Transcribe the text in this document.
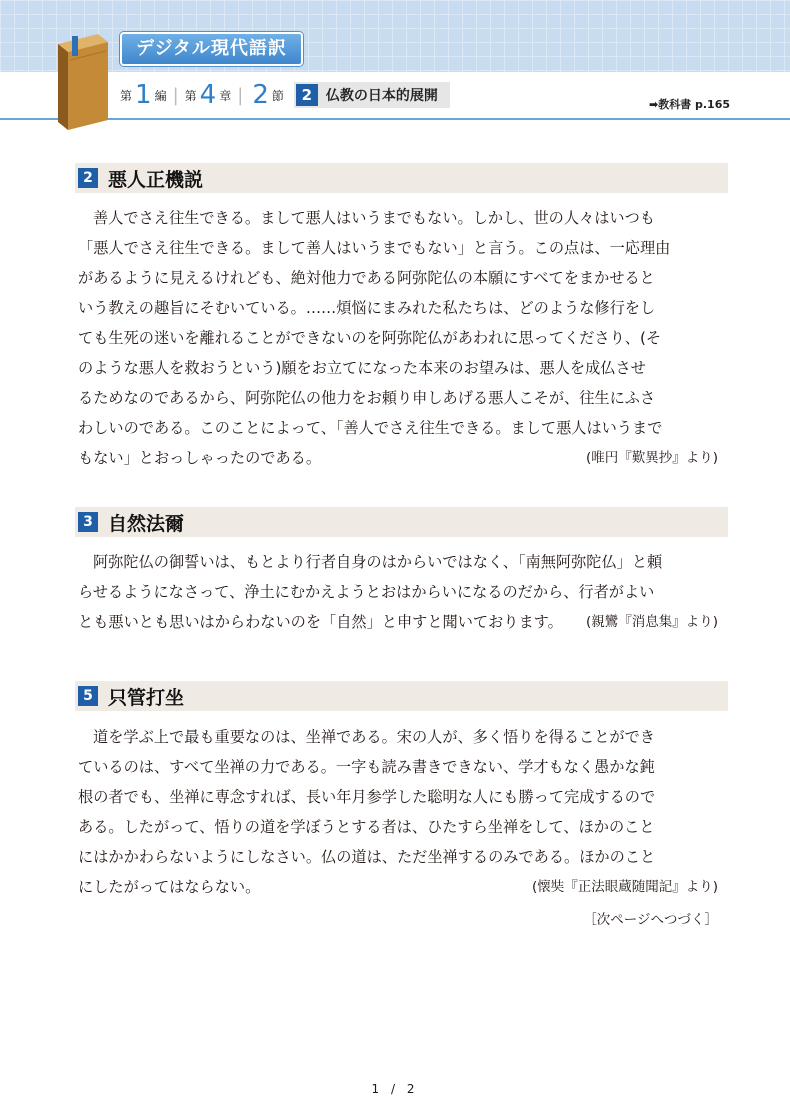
デジタル現代語訳
第 1 編 | 第 4 章 | 2 節	2 仏教の日本的展開
➡教科書 p.165
2 悪人正機説
善人でさえ往生できる。まして悪人はいうまでもない。しかし、世の人々はいつも
「悪人でさえ往生できる。まして善人はいうまでもない」と言う。この点は、一応理由
があるように見えるけれども、絶対他力である阿弥陀仏の本願にすべてをまかせると
いう教えの趣旨にそむいている。……煩悩にまみれた私たちは、どのような修行をし
ても生死の迷いを離れることができないのを阿弥陀仏があわれに思ってくださり、(そ
のような悪人を救おうという)願をお立てになった本来のお望みは、悪人を成仏させ
るためなのであるから、阿弥陀仏の他力をお頼り申しあげる悪人こそが、往生にふさ
わしいのである。このことによって、「善人でさえ往生できる。まして悪人はいうまで
もない」とおっしゃったのである。	(唯円『歎異抄』より)
3 自然法爾
阿弥陀仏の御誓いは、もとより行者自身のはからいではなく、「南無阿弥陀仏」と頼
らせるようになさって、浄土にむかえようとおはからいになるのだから、行者がよい
とも悪いとも思いはからわないのを「自然」と申すと聞いております。 (親鸞『消息集』より)
5 只管打坐
道を学ぶ上で最も重要なのは、坐禅である。宋の人が、多く悟りを得ることができ
ているのは、すべて坐禅の力である。一字も読み書きできない、学才もなく愚かな鈍
根の者でも、坐禅に専念すれば、長い年月参学した聡明な人にも勝って完成するので
ある。したがって、悟りの道を学ぼうとする者は、ひたすら坐禅をして、ほかのこと
にはかかわらないようにしなさい。仏の道は、ただ坐禅するのみである。ほかのこと
にしたがってはならない。	(懐奘『正法眼蔵随聞記』より)
［次ページへつづく］
1 / 2
